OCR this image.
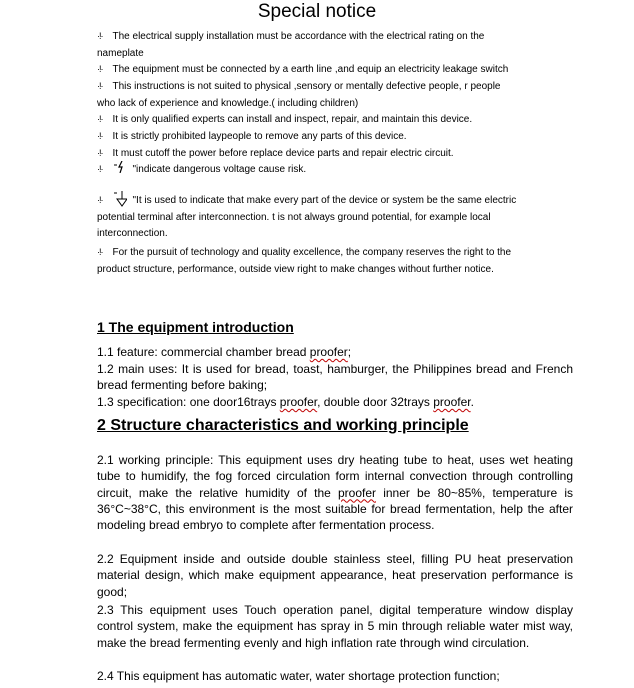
Special notice
·!· The electrical supply installation must be accordance with the electrical rating on the
nameplate
·!· The equipment must be connected by a earth line ,and equip an electricity leakage switch
·!· This instructions is not suited to physical ,sensory or mentally defective people, r people
who lack of experience and knowledge.( including children)
·!· It is only qualified experts can install and inspect, repair, and maintain this device.
·!· It is strictly prohibited laypeople to remove any parts of this device.
·!· It must cutoff the power before replace device parts and repair electric circuit.
·!·	"indicate dangerous voltage cause risk.
·!·	"It is used to indicate that make every part of the device or system be the same electric
potential terminal after interconnection. t is not always ground potential, for example local
interconnection.
·!· For the pursuit of technology and quality excellence, the company reserves the right to the
product structure, performance, outside view right to make changes without further notice.
1 The equipment introduction
1.1 feature: commercial chamber bread proofer;
1.2 main uses: It is used for bread, toast, hamburger, the Philippines bread and French bread fermenting before baking;
1.3 specification: one door16trays proofer, double door 32trays proofer.
2 Structure characteristics and working principle
2.1 working principle: This equipment uses dry heating tube to heat, uses wet heating tube to humidify, the fog forced circulation form internal convection through controlling circuit, make the relative humidity of the proofer inner be 80~85%, temperature is 36°C~38°C, this environment is the most suitable for bread fermentation, help the after modeling bread embryo to complete after fermentation process.
2.2 Equipment inside and outside double stainless steel, filling PU heat preservation material design, which make equipment appearance, heat preservation performance is good;
2.3 This equipment uses Touch operation panel, digital temperature window display control system, make the equipment has spray in 5 min through reliable water mist way, make the bread fermenting evenly and high inflation rate through wind circulation.
2.4 This equipment has automatic water, water shortage protection function;
